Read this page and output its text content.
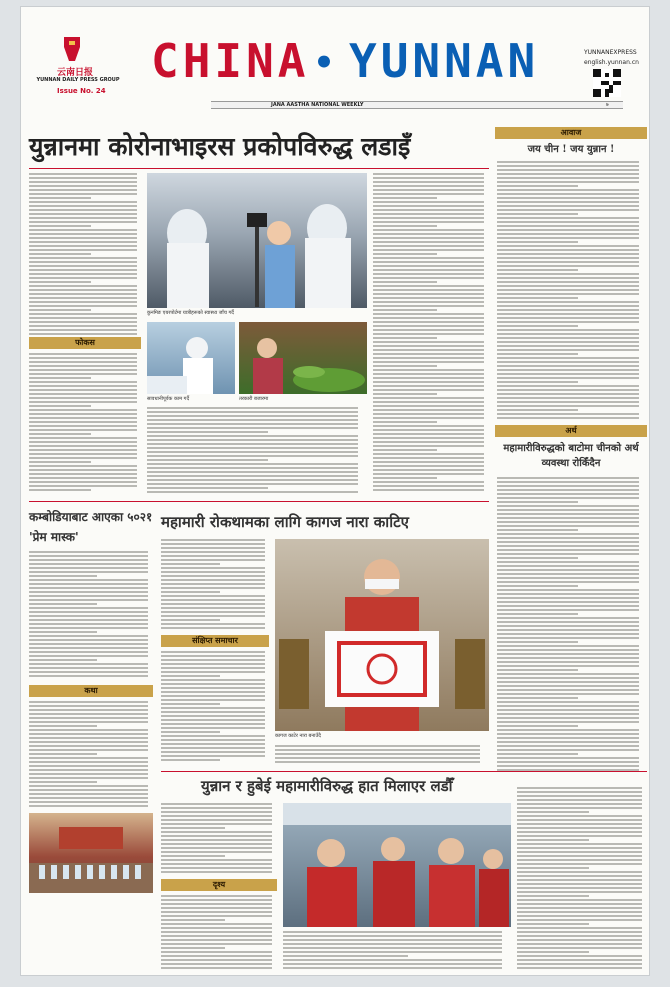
云南日报
YUNNAN DAILY PRESS GROUP
Issue No. 24
CHINA • YUNNAN	YUNNANEXPRESS
english.yunnan.cn
JANA AASTHA NATIONAL WEEKLY	७
युन्नानमा कोरोनाभाइरस प्रकोपविरुद्ध लडाइँ
फोकस
कुनमिङ एयरपोर्टमा यात्रीहरूको स्वास्थ्य जाँच गर्दै
सावधानीपूर्वक काम गर्दै	तरकारी बजारमा
आवाज
जय चीन ! जय युन्नान !
अर्थ
महामारीविरुद्धको बाटोमा चीनको अर्थ व्यवस्था रोकिँदैन
कम्बोडियाबाट आएका ५०२१ 'प्रेम मास्क'
कथा
महामारी रोकथामका लागि कागज नारा काटिए
संक्षिप्त समाचार
कागज काटेर नारा बनाउँदै
युन्नान र हुबेई महामारीविरुद्ध हात मिलाएर लडौँ
दृश्य
